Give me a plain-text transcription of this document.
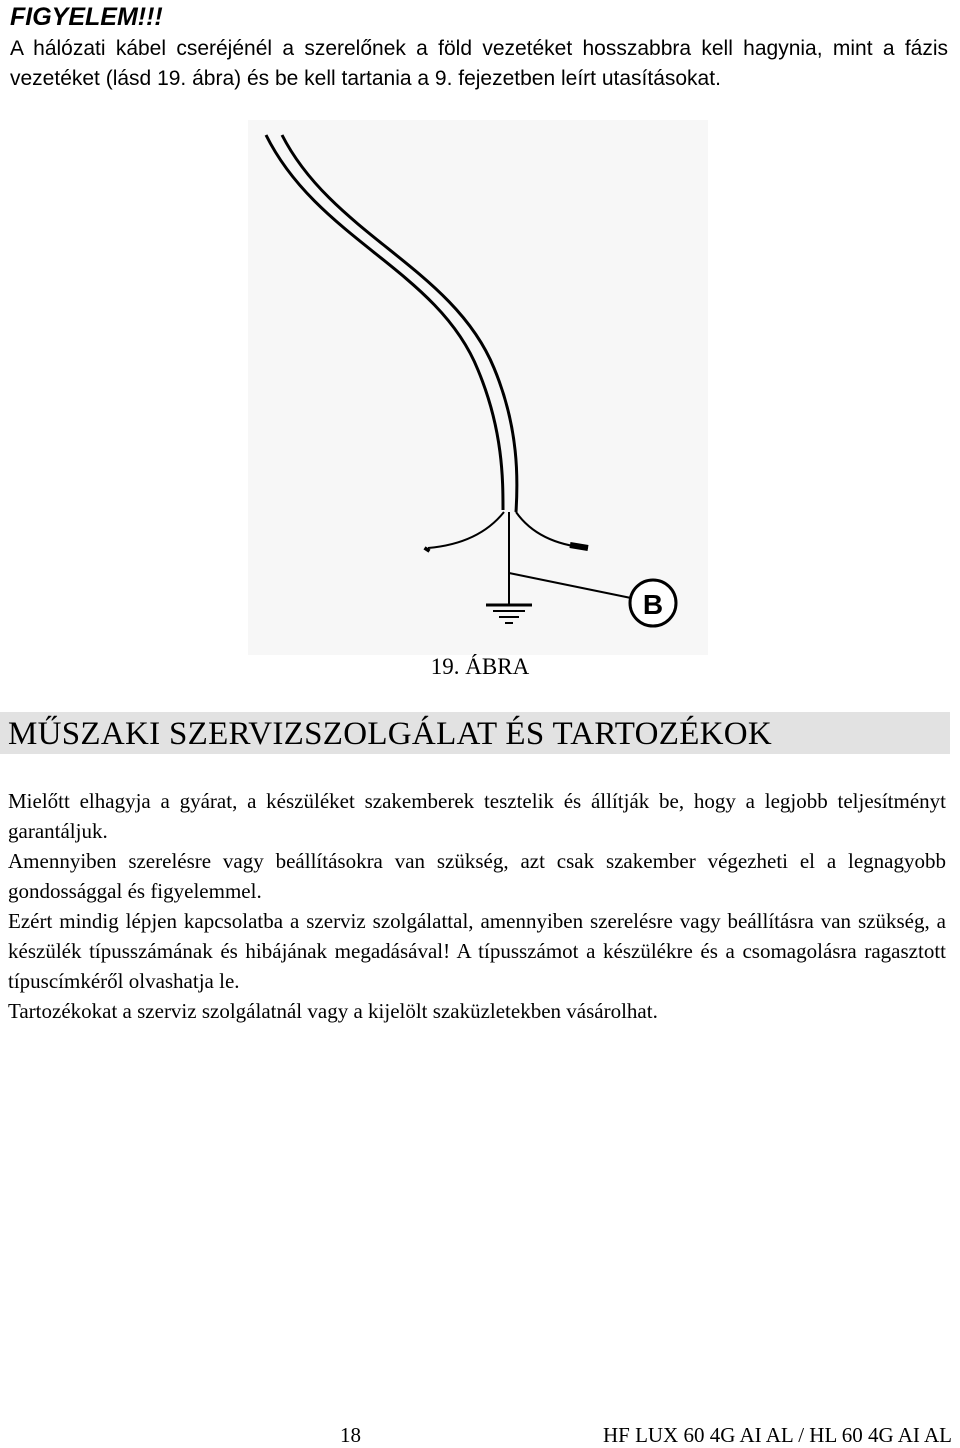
FIGYELEM!!!

A hálózati kábel cseréjénél a szerelőnek a föld vezetéket hosszabbra kell hagynia, mint a fázis vezetéket (lásd 19. ábra) és be kell tartania a 9. fejezetben leírt utasításokat.

B

19. ÁBRA

MŰSZAKI SZERVIZSZOLGÁLAT ÉS TARTOZÉKOK

Mielőtt elhagyja a gyárat, a készüléket szakemberek tesztelik és állítják be, hogy a legjobb teljesítményt garantáljuk.

Amennyiben szerelésre vagy beállításokra van szükség, azt csak szakember végezheti el a legnagyobb gondossággal és figyelemmel.

Ezért mindig lépjen kapcsolatba a szerviz szolgálattal, amennyiben szerelésre vagy beállításra van szükség, a készülék típusszámának és hibájának megadásával! A típusszámot a készülékre és a csomagolásra ragasztott típuscímkéről olvashatja le.

Tartozékokat a szerviz szolgálatnál vagy a kijelölt szaküzletekben vásárolhat.

18	HF LUX 60 4G AI AL / HL 60 4G AI AL
